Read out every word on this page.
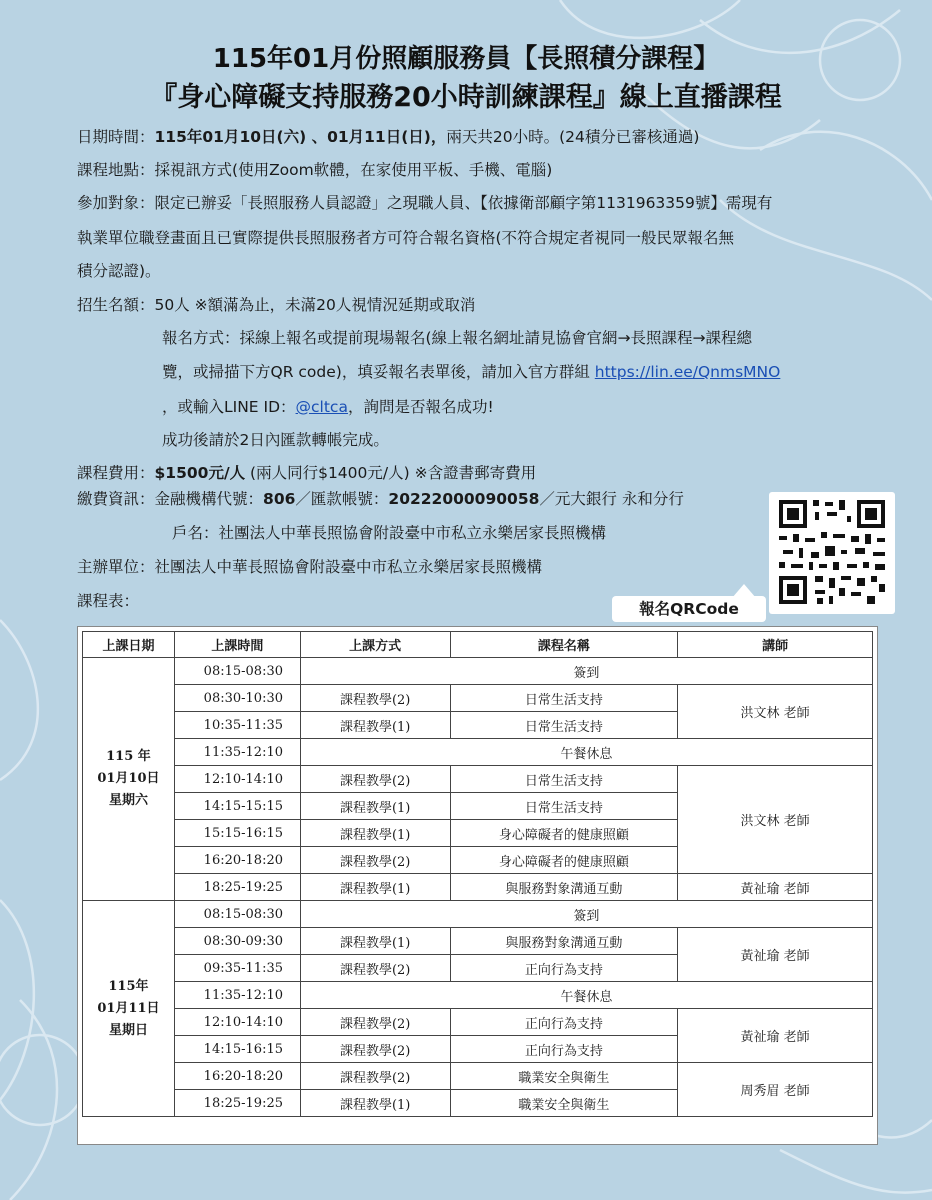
115年01月份照顧服務員【長照積分課程】
『身心障礙支持服務20小時訓練課程』線上直播課程
日期時間：115年01月10日(六) 、01月11日(日)，兩天共20小時。(24積分已審核通過)
課程地點：採視訊方式(使用Zoom軟體，在家使用平板、手機、電腦)
參加對象：限定已辦妥「長照服務人員認證」之現職人員、【依據衛部顧字第1131963359號】需現有
執業單位職登畫面且已實際提供長照服務者方可符合報名資格(不符合規定者視同一般民眾報名無
積分認證)。
招生名額：50人 ※額滿為止，未滿20人視情況延期或取消
報名方式：採線上報名或提前現場報名(線上報名網址請見協會官網→長照課程→課程總
覽，或掃描下方QR code)，填妥報名表單後，請加入官方群組 https://lin.ee/QnmsMNO
，或輸入LINE ID：@cltca，詢問是否報名成功!
成功後請於2日內匯款轉帳完成。
課程費用：$1500元/人 (兩人同行$1400元/人) ※含證書郵寄費用
繳費資訊：金融機構代號：806／匯款帳號：20222000090058／元大銀行 永和分行
戶名：社團法人中華長照協會附設臺中市私立永樂居家長照機構
主辦單位：社團法人中華長照協會附設臺中市私立永樂居家長照機構
課程表：	報名QRCode
上課日期	上課時間	上課方式	課程名稱	講師

115 年
01月10日
星期六	08:15-08:30	簽到		
	08:30-10:30	課程教學(2)	日常生活支持	洪文林 老師
	10:35-11:35	課程教學(1)	日常生活支持	
	11:35-12:10	午餐休息		
	12:10-14:10	課程教學(2)	日常生活支持	洪文林 老師
	14:15-15:15	課程教學(1)	日常生活支持	
	15:15-16:15	課程教學(1)	身心障礙者的健康照顧	
	16:20-18:20	課程教學(2)	身心障礙者的健康照顧	
	18:25-19:25	課程教學(1)	與服務對象溝通互動	黃祉瑜 老師

115年
01月11日
星期日	08:15-08:30	簽到		
	08:30-09:30	課程教學(1)	與服務對象溝通互動	黃祉瑜 老師
	09:35-11:35	課程教學(2)	正向行為支持	
	11:35-12:10	午餐休息		
	12:10-14:10	課程教學(2)	正向行為支持	黃祉瑜 老師
	14:15-16:15	課程教學(2)	正向行為支持	
	16:20-18:20	課程教學(2)	職業安全與衛生	周秀眉 老師
	18:25-19:25	課程教學(1)	職業安全與衛生	
